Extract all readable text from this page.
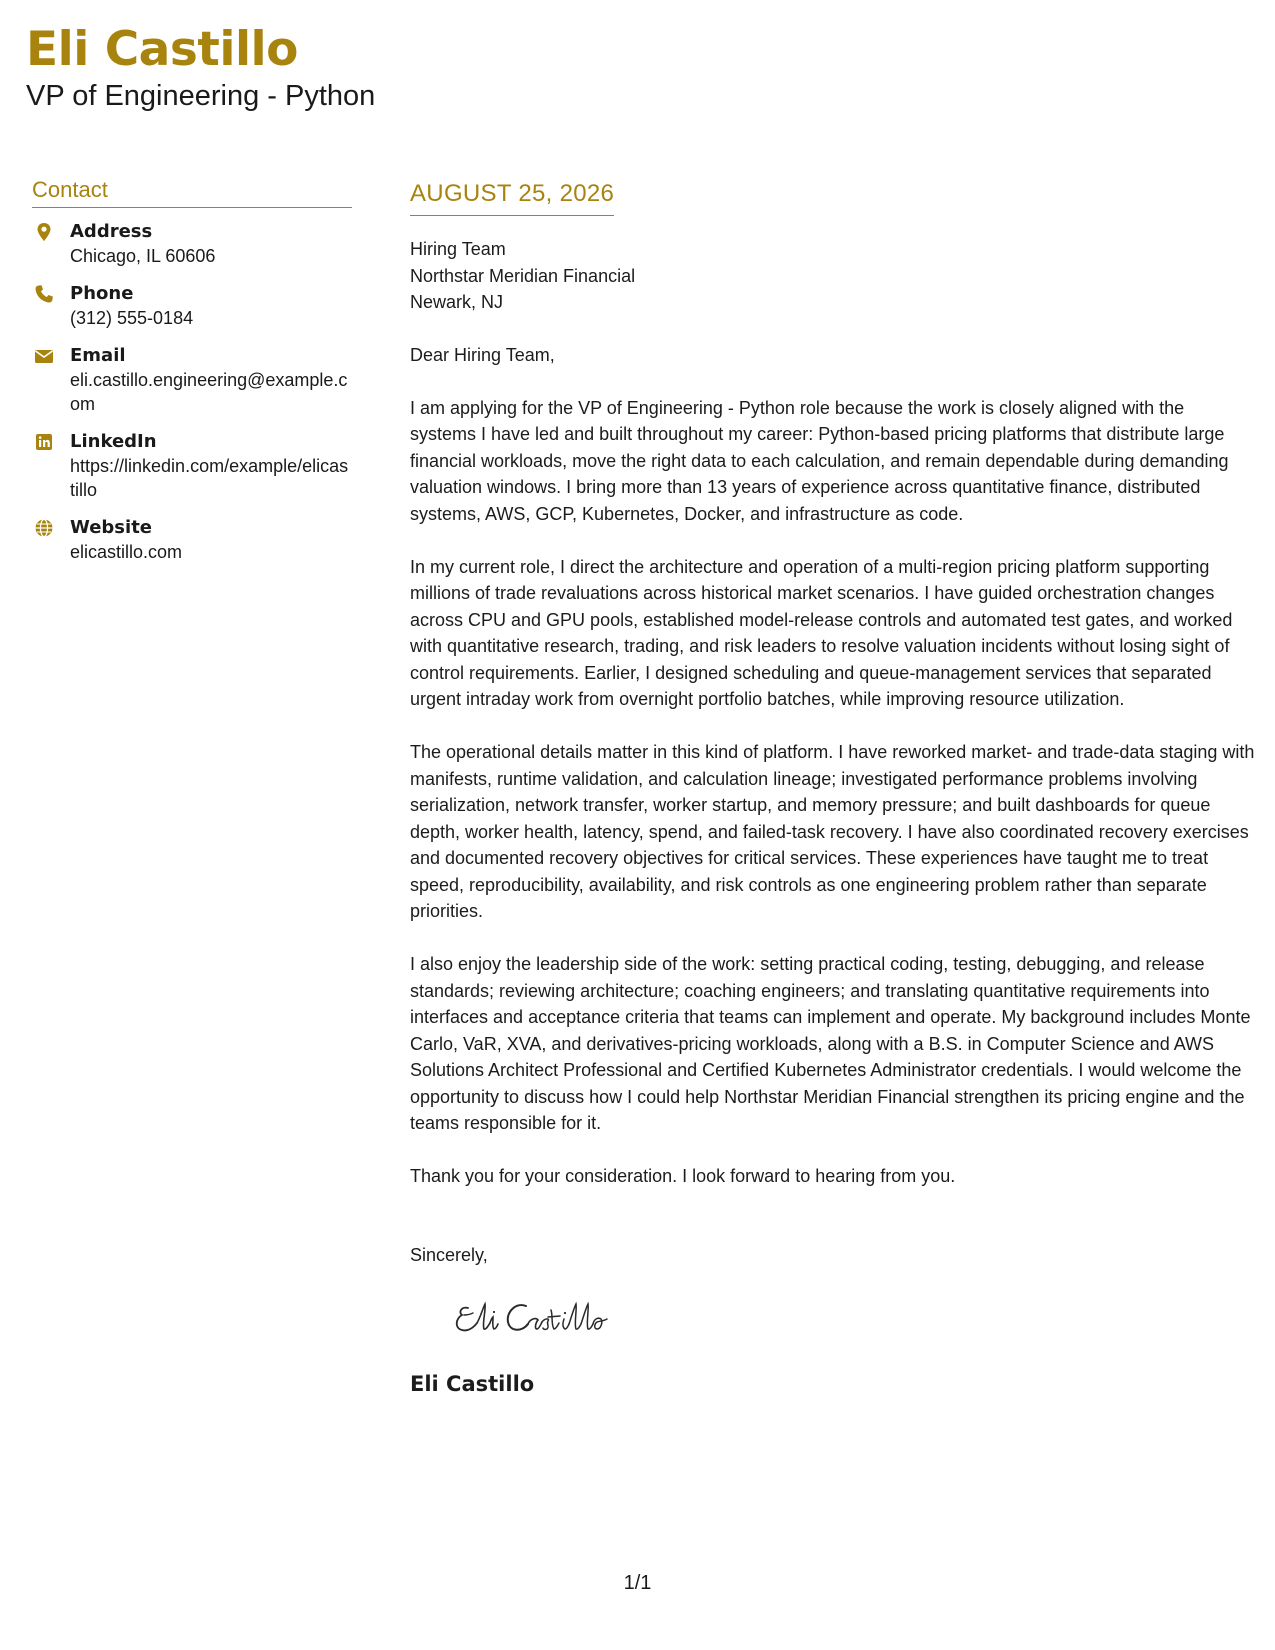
Eli Castillo
VP of Engineering - Python
Contact
Address
Chicago, IL 60606
Phone
(312) 555-0184
Email
eli.castillo.engineering@example.com
LinkedIn
https://linkedin.com/example/elicastillo
Website
elicastillo.com
AUGUST 25, 2026
Hiring Team
Northstar Meridian Financial
Newark, NJ

Dear Hiring Team,

I am applying for the VP of Engineering - Python role because the work is closely aligned with the systems I have led and built throughout my career: Python-based pricing platforms that distribute large financial workloads, move the right data to each calculation, and remain dependable during demanding valuation windows. I bring more than 13 years of experience across quantitative finance, distributed systems, AWS, GCP, Kubernetes, Docker, and infrastructure as code.

In my current role, I direct the architecture and operation of a multi-region pricing platform supporting millions of trade revaluations across historical market scenarios. I have guided orchestration changes across CPU and GPU pools, established model-release controls and automated test gates, and worked with quantitative research, trading, and risk leaders to resolve valuation incidents without losing sight of control requirements. Earlier, I designed scheduling and queue-management services that separated urgent intraday work from overnight portfolio batches, while improving resource utilization.

The operational details matter in this kind of platform. I have reworked market- and trade-data staging with manifests, runtime validation, and calculation lineage; investigated performance problems involving serialization, network transfer, worker startup, and memory pressure; and built dashboards for queue depth, worker health, latency, spend, and failed-task recovery. I have also coordinated recovery exercises and documented recovery objectives for critical services. These experiences have taught me to treat speed, reproducibility, availability, and risk controls as one engineering problem rather than separate priorities.

I also enjoy the leadership side of the work: setting practical coding, testing, debugging, and release standards; reviewing architecture; coaching engineers; and translating quantitative requirements into interfaces and acceptance criteria that teams can implement and operate. My background includes Monte Carlo, VaR, XVA, and derivatives-pricing workloads, along with a B.S. in Computer Science and AWS Solutions Architect Professional and Certified Kubernetes Administrator credentials. I would welcome the opportunity to discuss how I could help Northstar Meridian Financial strengthen its pricing engine and the teams responsible for it.

Thank you for your consideration. I look forward to hearing from you.

Sincerely,
Eli Castillo
1/1
